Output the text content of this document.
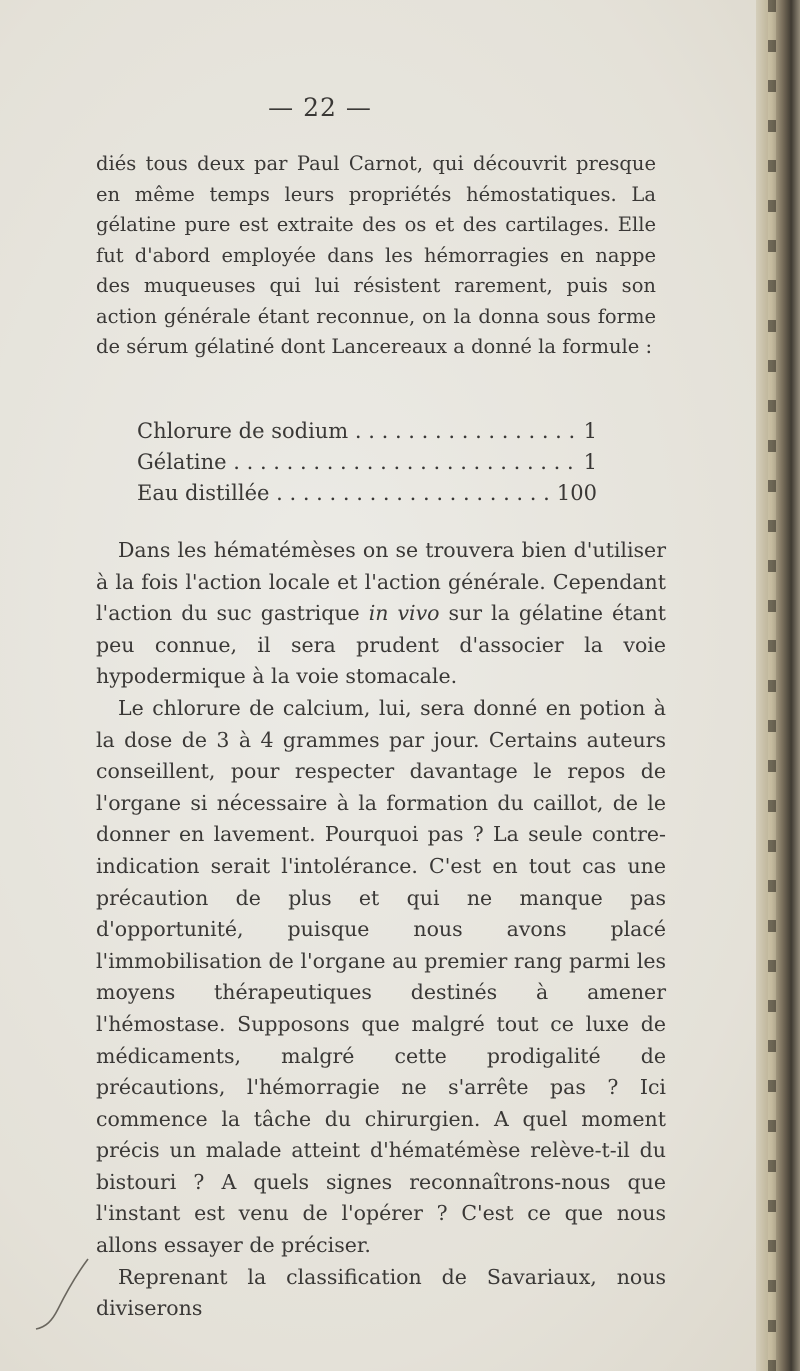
— 22 —

diés tous deux par Paul Carnot, qui découvrit presque en même temps leurs propriétés hémostatiques. La gélatine pure est extraite des os et des cartilages. Elle fut d'abord employée dans les hémorragies en nappe des muqueuses qui lui résistent rarement, puis son action générale étant reconnue, on la donna sous forme de sérum gélatiné dont Lancereaux a donné la formule :

Chlorure de sodium . . .	1
Gélatine . . .	1
Eau distillée . . .	100

Dans les hématémèses on se trouvera bien d'utiliser à la fois l'action locale et l'action générale. Cependant l'action du suc gastrique in vivo sur la gélatine étant peu connue, il sera prudent d'associer la voie hypodermique à la voie stomacale.

Le chlorure de calcium, lui, sera donné en potion à la dose de 3 à 4 grammes par jour. Certains auteurs conseillent, pour respecter davantage le repos de l'organe si nécessaire à la formation du caillot, de le donner en lavement. Pourquoi pas ? La seule contre-indication serait l'intolérance. C'est en tout cas une précaution de plus et qui ne manque pas d'opportunité, puisque nous avons placé l'immobilisation de l'organe au premier rang parmi les moyens thérapeutiques destinés à amener l'hémostase. Supposons que malgré tout ce luxe de médicaments, malgré cette prodigalité de précautions, l'hémorragie ne s'arrête pas ? Ici commence la tâche du chirurgien. A quel moment précis un malade atteint d'hématémèse relève-t-il du bistouri ? A quels signes reconnaîtrons-nous que l'instant est venu de l'opérer ? C'est ce que nous allons essayer de préciser.

Reprenant la classification de Savariaux, nous diviserons
